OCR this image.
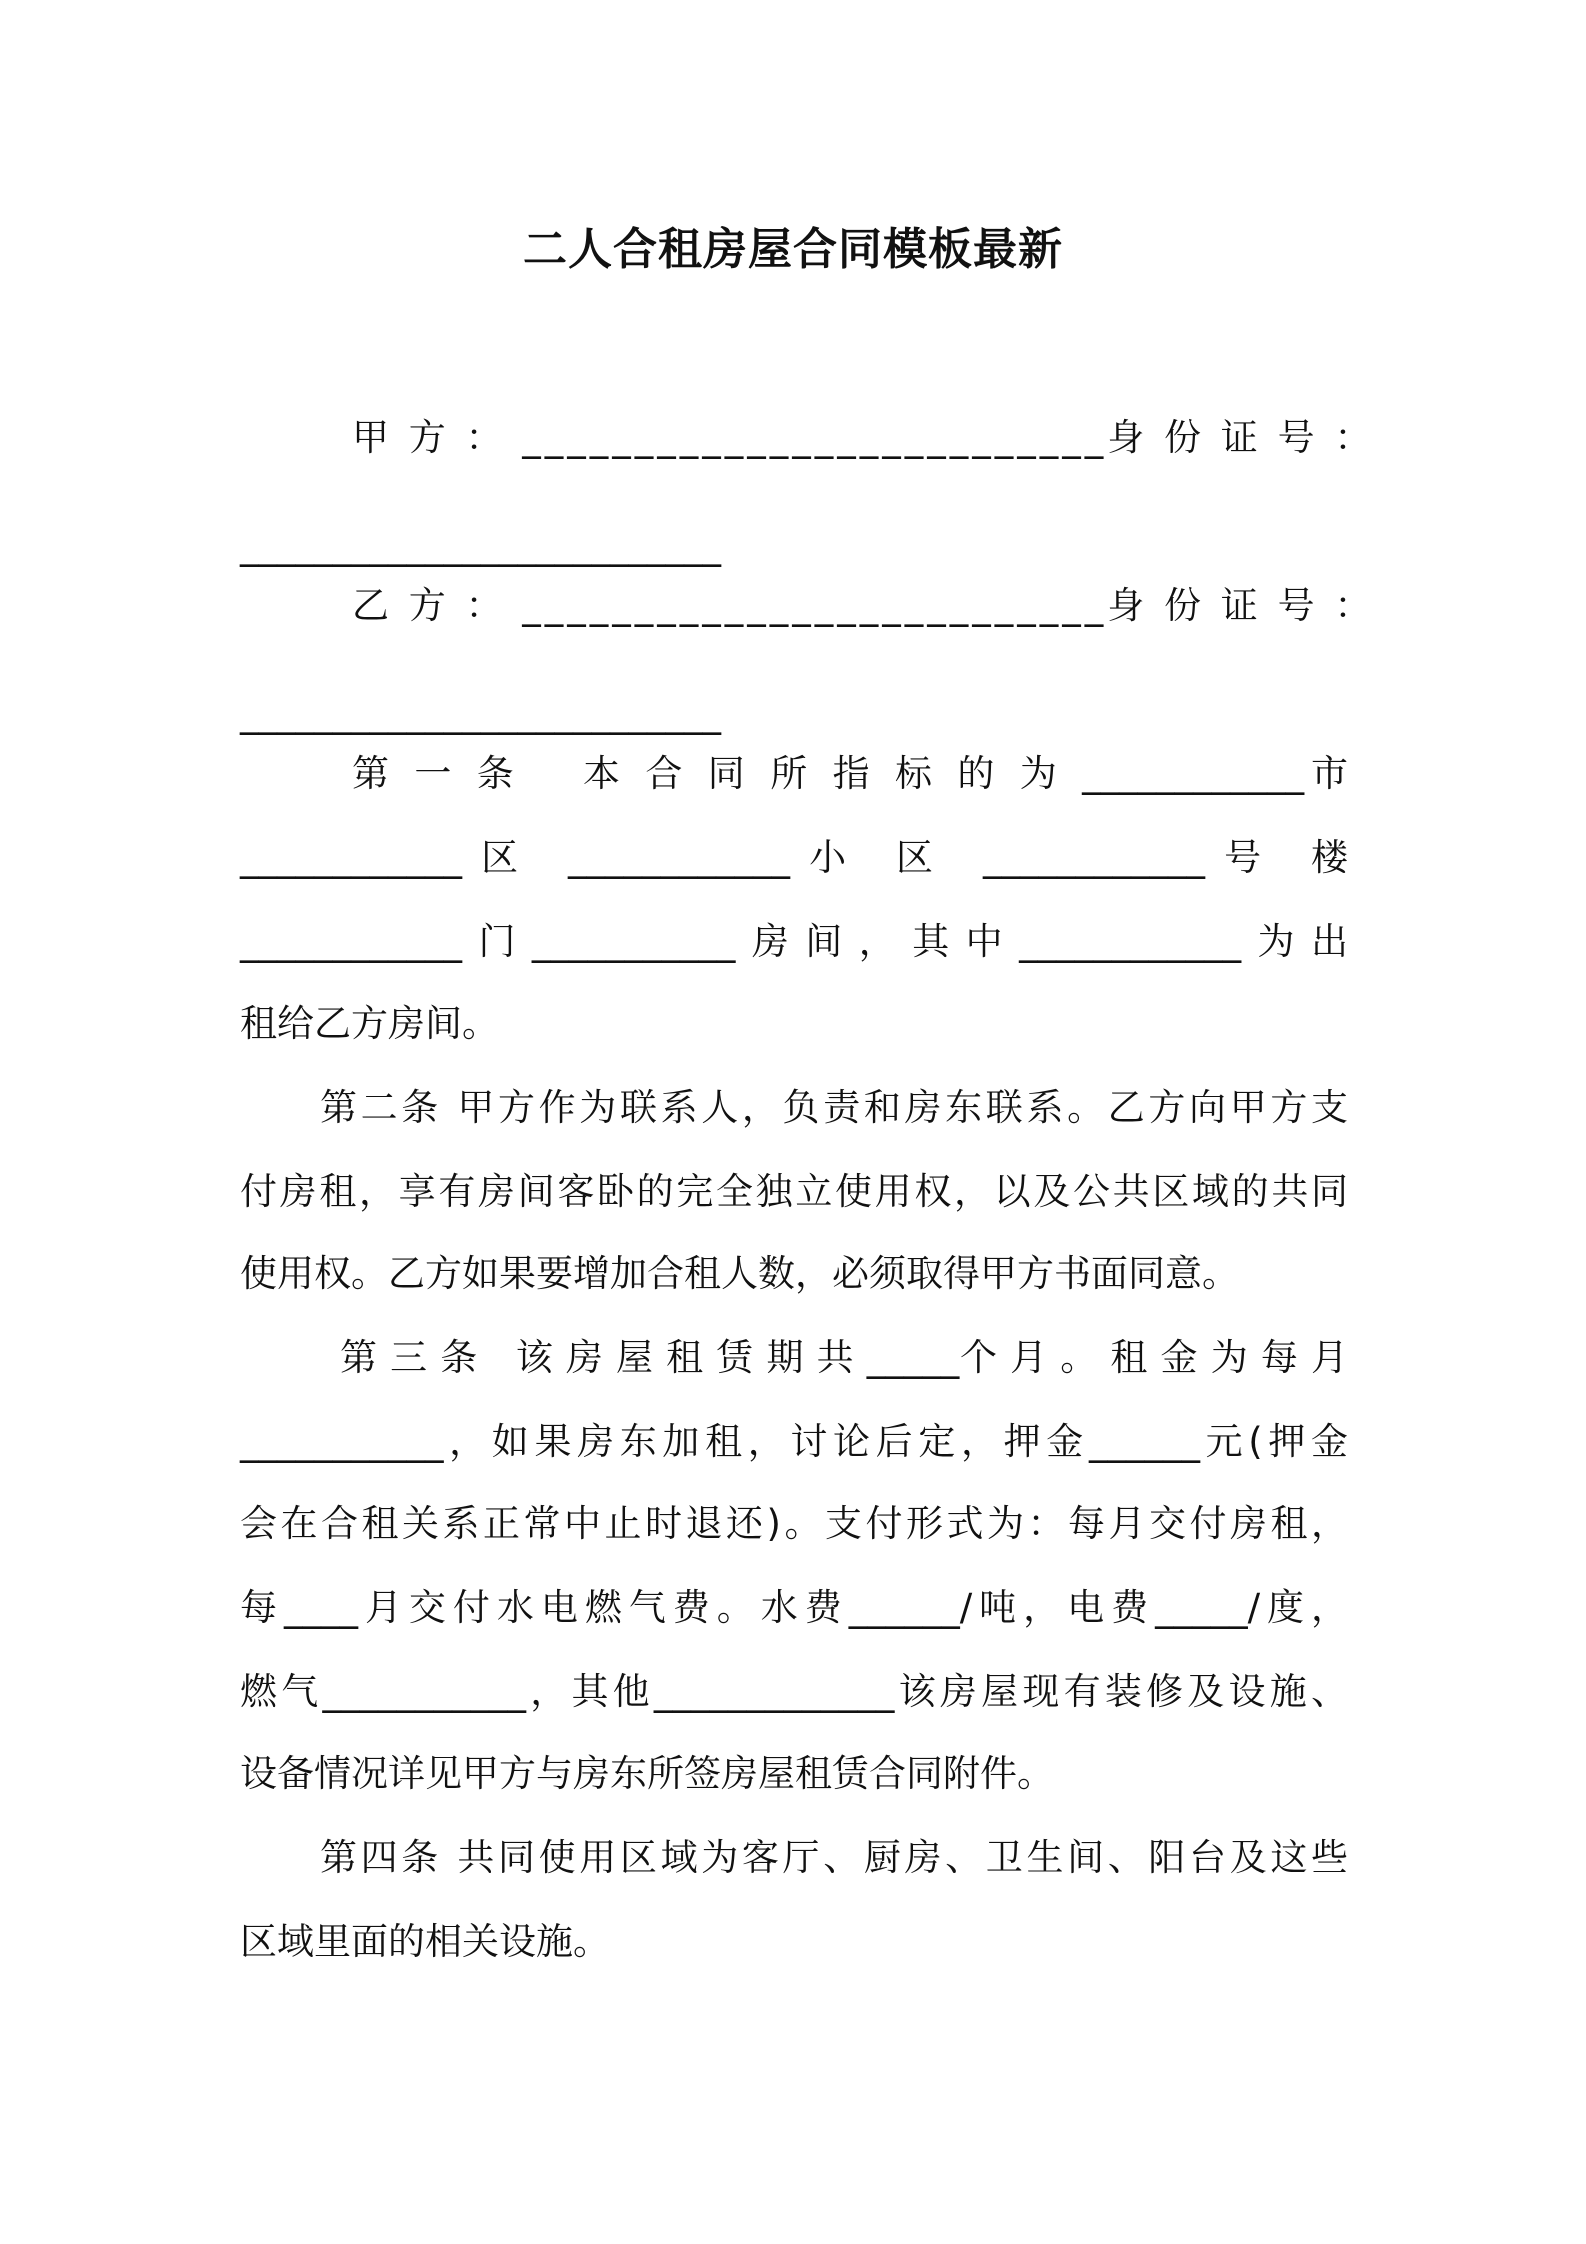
二人合租房屋合同模板最新
甲 方 ： __________________________身 份 证 号 ：
__________________________
乙 方 ： __________________________身 份 证 号 ：
__________________________
第 一 条　 本 合 同 所 指 标 的 为 ____________市
____________区 ____________小 区 ____________号 楼
____________门___________房间，其中____________为出
租给乙方房间。
第二条 甲方作为联系人，负责和房东联系。乙方向甲方支
付房租，享有房间客卧的完全独立使用权，以及公共区域的共同
使用权。乙方如果要增加合租人数，必须取得甲方书面同意。
第 三 条　该 房 屋 租 赁 期 共 _____个 月 。 租 金 为 每 月
___________，如果房东加租，讨论后定，押金______元(押金
会在合租关系正常中止时退还)。支付形式为：每月交付房租，
每____月交付水电燃气费。水费______/吨，电费_____/度，
燃气___________，其他_____________该房屋现有装修及设施、
设备情况详见甲方与房东所签房屋租赁合同附件。
第四条 共同使用区域为客厅、厨房、卫生间、阳台及这些
区域里面的相关设施。
